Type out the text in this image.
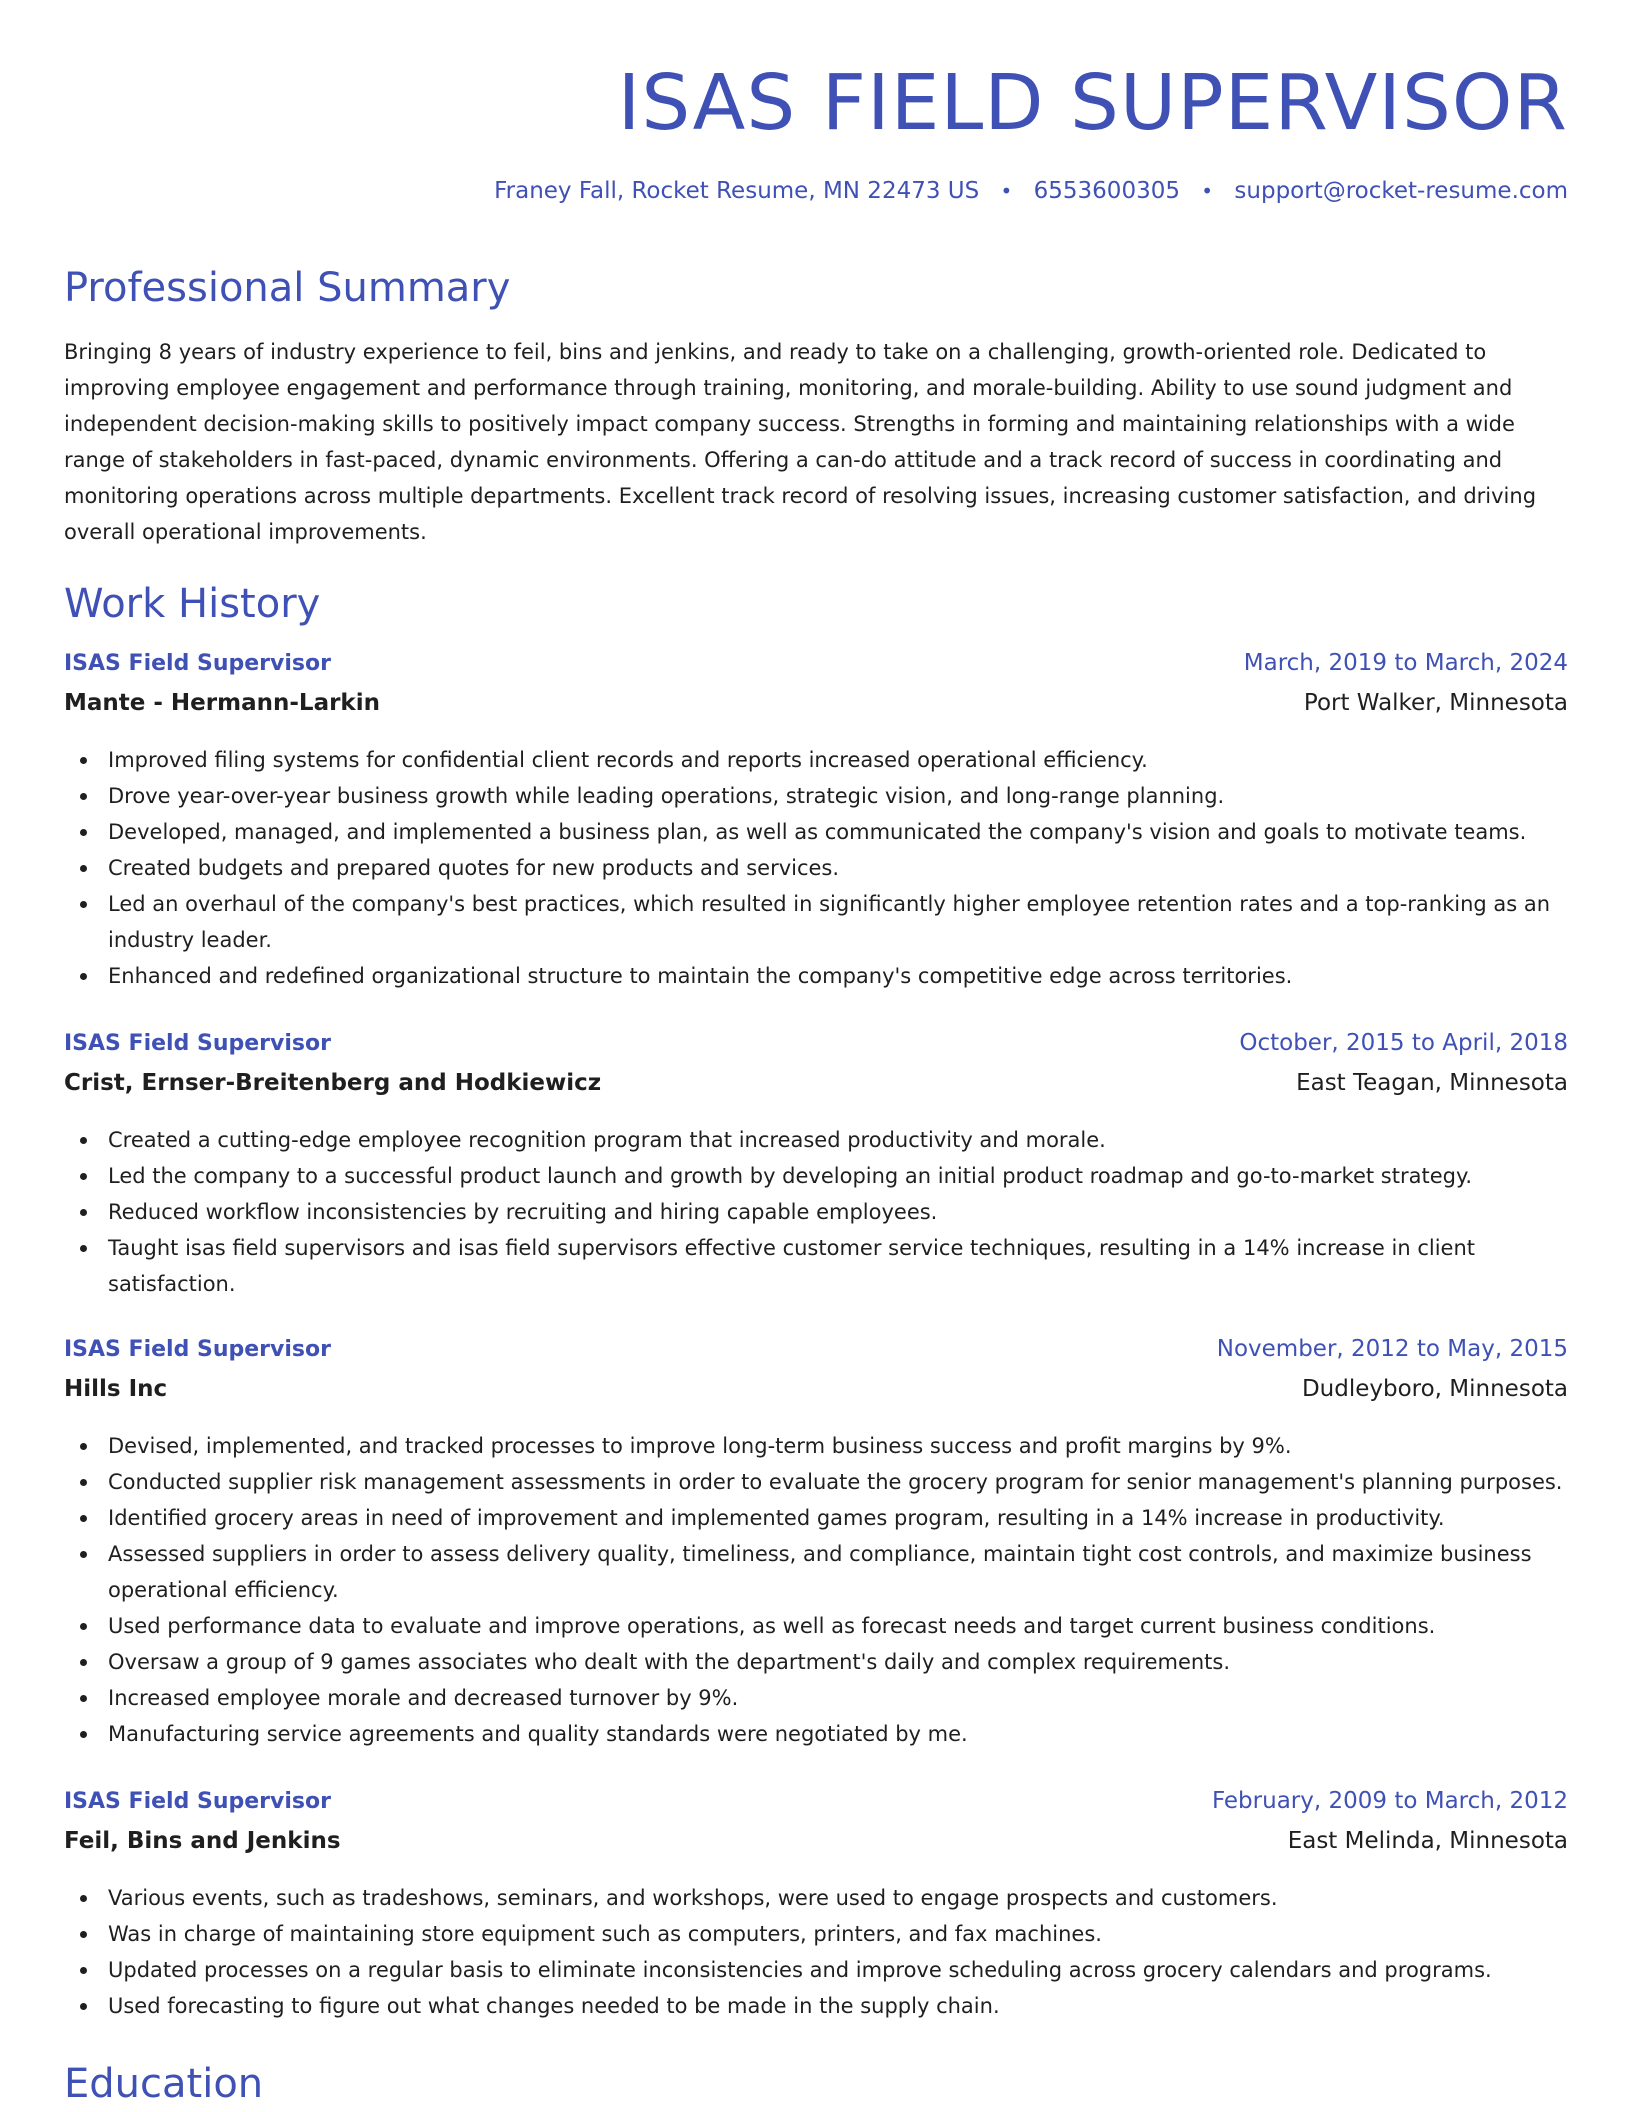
ISAS FIELD SUPERVISOR
Franey Fall, Rocket Resume, MN 22473 US • 6553600305 • support@rocket-resume.com
Professional Summary
Bringing 8 years of industry experience to feil, bins and jenkins, and ready to take on a challenging, growth-oriented role. Dedicated to improving employee engagement and performance through training, monitoring, and morale-building. Ability to use sound judgment and independent decision-making skills to positively impact company success. Strengths in forming and maintaining relationships with a wide range of stakeholders in fast-paced, dynamic environments. Offering a can-do attitude and a track record of success in coordinating and monitoring operations across multiple departments. Excellent track record of resolving issues, increasing customer satisfaction, and driving overall operational improvements.
Work History
ISAS Field Supervisor	March, 2019 to March, 2024
Mante - Hermann-Larkin	Port Walker, Minnesota
Improved filing systems for confidential client records and reports increased operational efficiency.
Drove year-over-year business growth while leading operations, strategic vision, and long-range planning.
Developed, managed, and implemented a business plan, as well as communicated the company's vision and goals to motivate teams.
Created budgets and prepared quotes for new products and services.
Led an overhaul of the company's best practices, which resulted in significantly higher employee retention rates and a top-ranking as an industry leader.
Enhanced and redefined organizational structure to maintain the company's competitive edge across territories.
ISAS Field Supervisor	October, 2015 to April, 2018
Crist, Ernser-Breitenberg and Hodkiewicz	East Teagan, Minnesota
Created a cutting-edge employee recognition program that increased productivity and morale.
Led the company to a successful product launch and growth by developing an initial product roadmap and go-to-market strategy.
Reduced workflow inconsistencies by recruiting and hiring capable employees.
Taught isas field supervisors and isas field supervisors effective customer service techniques, resulting in a 14% increase in client satisfaction.
ISAS Field Supervisor	November, 2012 to May, 2015
Hills Inc	Dudleyboro, Minnesota
Devised, implemented, and tracked processes to improve long-term business success and profit margins by 9%.
Conducted supplier risk management assessments in order to evaluate the grocery program for senior management's planning purposes.
Identified grocery areas in need of improvement and implemented games program, resulting in a 14% increase in productivity.
Assessed suppliers in order to assess delivery quality, timeliness, and compliance, maintain tight cost controls, and maximize business operational efficiency.
Used performance data to evaluate and improve operations, as well as forecast needs and target current business conditions.
Oversaw a group of 9 games associates who dealt with the department's daily and complex requirements.
Increased employee morale and decreased turnover by 9%.
Manufacturing service agreements and quality standards were negotiated by me.
ISAS Field Supervisor	February, 2009 to March, 2012
Feil, Bins and Jenkins	East Melinda, Minnesota
Various events, such as tradeshows, seminars, and workshops, were used to engage prospects and customers.
Was in charge of maintaining store equipment such as computers, printers, and fax machines.
Updated processes on a regular basis to eliminate inconsistencies and improve scheduling across grocery calendars and programs.
Used forecasting to figure out what changes needed to be made in the supply chain.
Education
